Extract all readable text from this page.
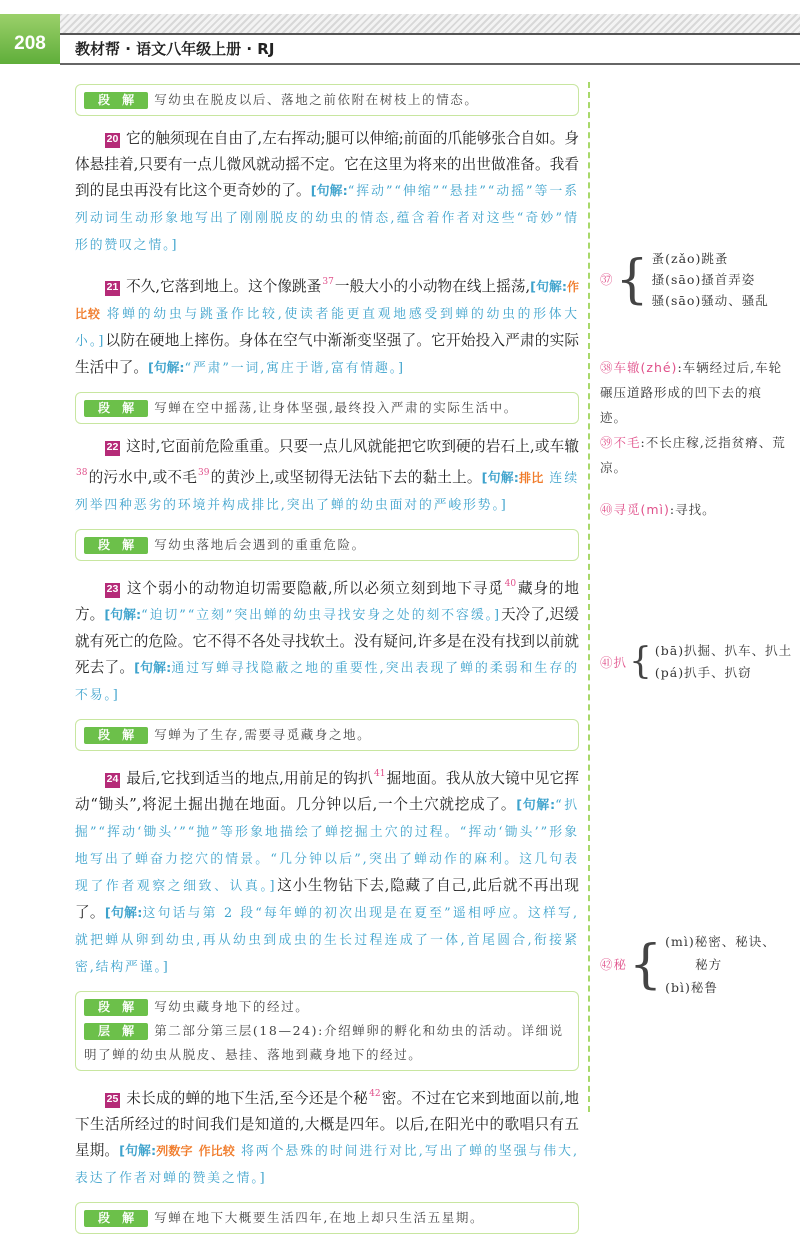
208	教材帮 · 语文八年级上册 · RJ
段 解 写幼虫在脱皮以后、落地之前依附在树枝上的情态。

20 它的触须现在自由了,左右挥动;腿可以伸缩;前面的爪能够张合自如。身体悬挂着,只要有一点儿微风就动摇不定。它在这里为将来的出世做准备。我看到的昆虫再没有比这个更奇妙的了。[句解:“挥动”“伸缩”“悬挂”“动摇”等一系列动词生动形象地写出了刚刚脱皮的幼虫的情态,蕴含着作者对这些“奇妙”情形的赞叹之情。]

21 不久,它落到地上。这个像跳蚤$^{37}$一般大小的小动物在线上摇荡,[句解:作比较 将蝉的幼虫与跳蚤作比较,使读者能更直观地感受到蝉的幼虫的形体大小。]以防在硬地上摔伤。身体在空气中渐渐变坚强了。它开始投入严肃的实际生活中了。[句解:“严肃”一词,寓庄于谐,富有情趣。]

段 解 写蝉在空中摇荡,让身体坚强,最终投入严肃的实际生活中。

22 这时,它面前危险重重。只要一点儿风就能把它吹到硬的岩石上,或车辙$^{38}$的污水中,或不毛$^{39}$的黄沙上,或坚韧得无法钻下去的黏土上。[句解:排比 连续列举四种恶劣的环境并构成排比,突出了蝉的幼虫面对的严峻形势。]

段 解 写幼虫落地后会遇到的重重危险。

23 这个弱小的动物迫切需要隐蔽,所以必须立刻到地下寻觅$^{40}$藏身的地方。[句解:“迫切”“立刻”突出蝉的幼虫寻找安身之处的刻不容缓。]天冷了,迟缓就有死亡的危险。它不得不各处寻找软土。没有疑问,许多是在没有找到以前就死去了。[句解:通过写蝉寻找隐蔽之地的重要性,突出表现了蝉的柔弱和生存的不易。]

段 解 写蝉为了生存,需要寻觅藏身之地。

24 最后,它找到适当的地点,用前足的钩扒$^{41}$掘地面。我从放大镜中见它挥动“锄头”,将泥土掘出抛在地面。几分钟以后,一个土穴就挖成了。[句解:“扒掘”“挥动‘锄头’”“抛”等形象地描绘了蝉挖掘土穴的过程。“挥动‘锄头’”形象地写出了蝉奋力挖穴的情景。“几分钟以后”,突出了蝉动作的麻利。这几句表现了作者观察之细致、认真。]这小生物钻下去,隐藏了自己,此后就不再出现了。[句解:这句话与第 2 段“每年蝉的初次出现是在夏至”遥相呼应。这样写,就把蝉从卵到幼虫,再从幼虫到成虫的生长过程连成了一体,首尾圆合,衔接紧密,结构严谨。]

段 解 写幼虫藏身地下的经过。
层 解 第二部分第三层(18—24):介绍蝉卵的孵化和幼虫的活动。详细说明了蝉的幼虫从脱皮、悬挂、落地到藏身地下的经过。

25 未长成的蝉的地下生活,至今还是个秘$^{42}$密。不过在它来到地面以前,地下生活所经过的时间我们是知道的,大概是四年。以后,在阳光中的歌唱只有五星期。[句解:列数字 作比较 将两个悬殊的时间进行对比,写出了蝉的坚强与伟大,表达了作者对蝉的赞美之情。]

段 解 写蝉在地下大概要生活四年,在地上却只生活五星期。
㊲ { 蚤(zǎo)跳蚤
搔(sāo)搔首弄姿
骚(sāo)骚动、骚乱
㊳车辙(zhé):车辆经过后,车轮碾压道路形成的凹下去的痕迹。
㊴不毛:不长庄稼,泛指贫瘠、荒凉。
㊵寻觅(mì):寻找。
㊶扒 { (bā)扒掘、扒车、扒土
(pá)扒手、扒窃
㊷秘 { (mì)秘密、秘诀、
秘方
(bì)秘鲁
